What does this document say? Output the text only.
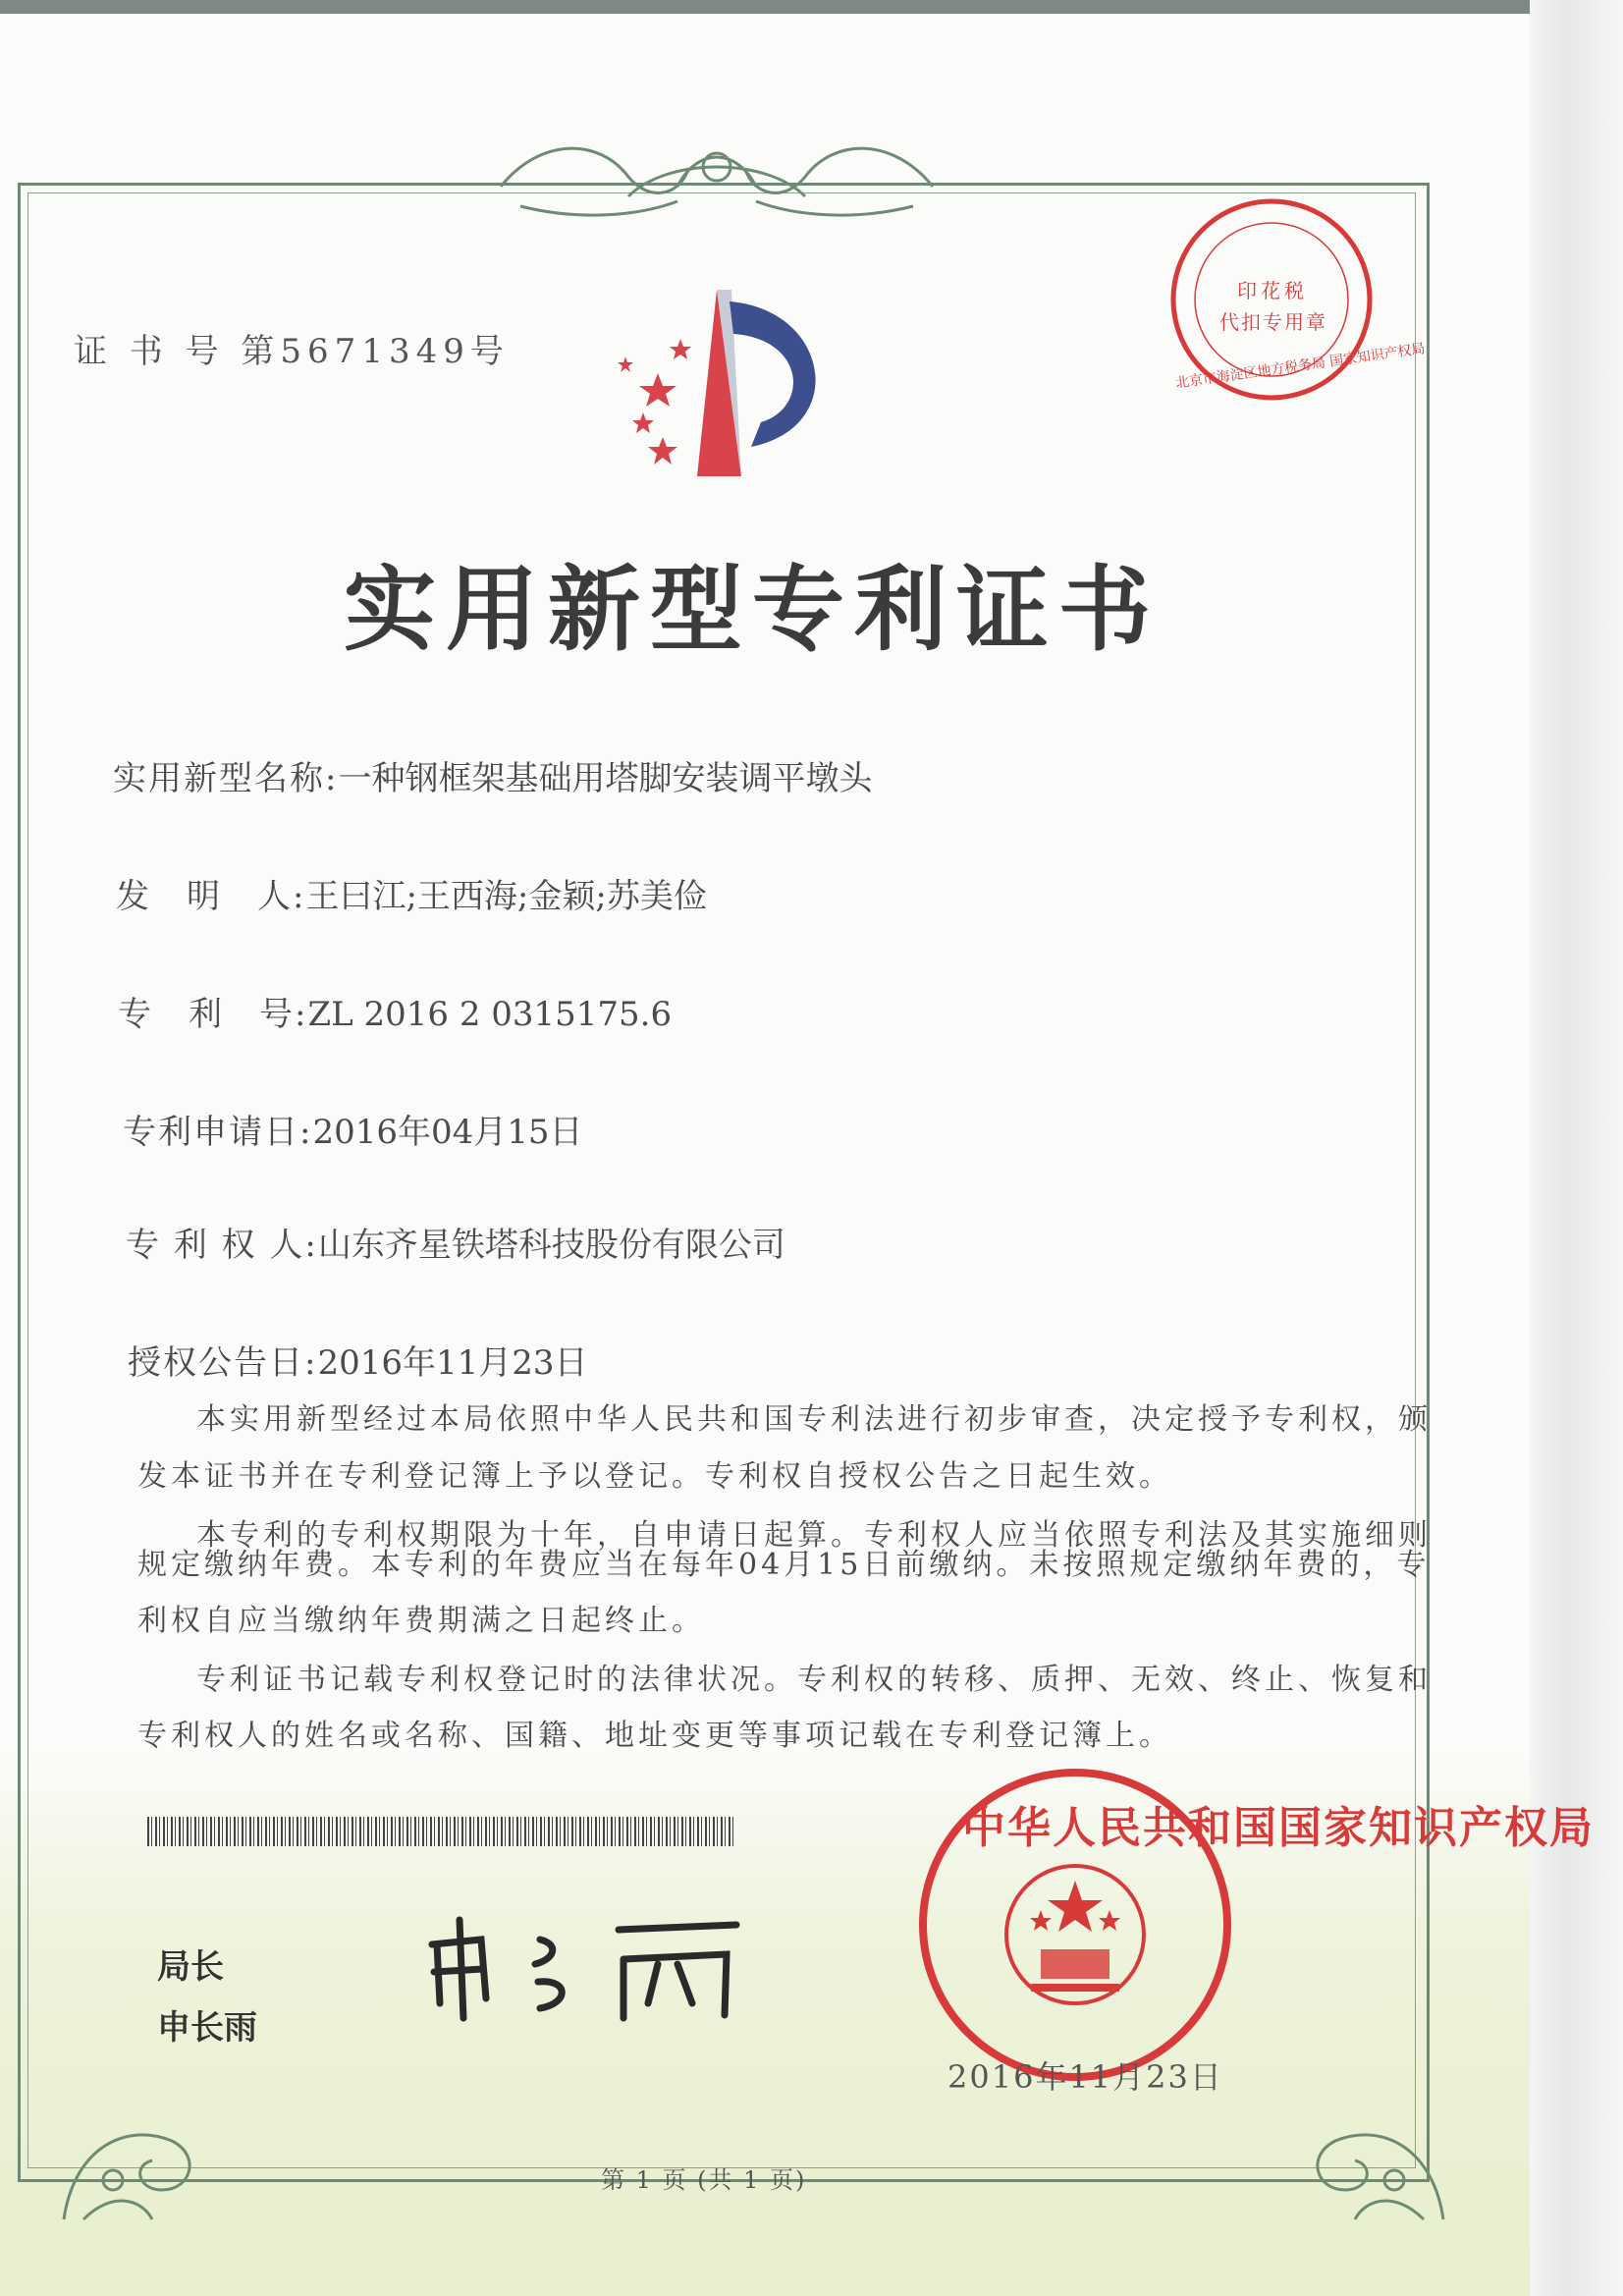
证 书 号 第5671349号
印花税
代扣专用章
北京市海淀区地方税务局 国家知识产权局
实用新型专利证书
实用新型名称:一种钢框架基础用塔脚安装调平墩头
发　明　人:王曰江;王西海;金颖;苏美俭
专　利　号:ZL 2016 2 0315175.6
专利申请日:2016年04月15日
专 利 权 人:山东齐星铁塔科技股份有限公司
授权公告日:2016年11月23日
本实用新型经过本局依照中华人民共和国专利法进行初步审查，决定授予专利权，颁
发本证书并在专利登记簿上予以登记。专利权自授权公告之日起生效。
本专利的专利权期限为十年，自申请日起算。专利权人应当依照专利法及其实施细则
规定缴纳年费。本专利的年费应当在每年04月15日前缴纳。未按照规定缴纳年费的，专
利权自应当缴纳年费期满之日起终止。
专利证书记载专利权登记时的法律状况。专利权的转移、质押、无效、终止、恢复和
专利权人的姓名或名称、国籍、地址变更等事项记载在专利登记簿上。
局长
申长雨
中华人民共和国国家知识产权局
2016年11月23日
第 1 页 (共 1 页)
